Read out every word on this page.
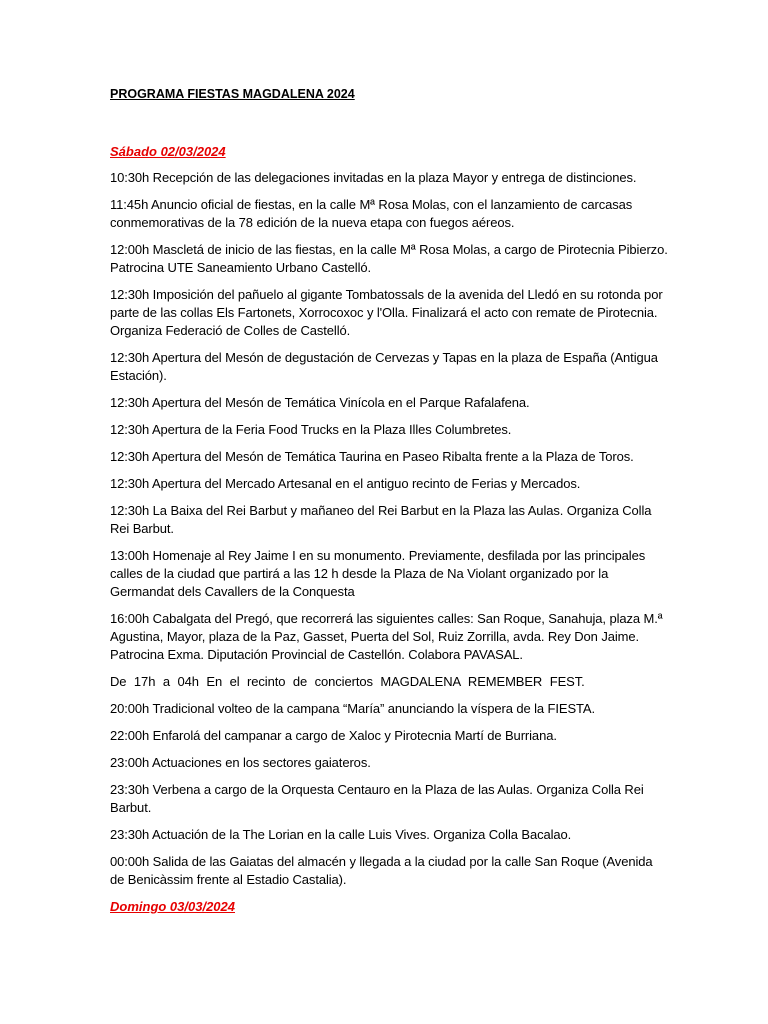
PROGRAMA FIESTAS MAGDALENA 2024
Sábado 02/03/2024
10:30h Recepción de las delegaciones invitadas en la plaza Mayor y entrega de distinciones.
11:45h Anuncio oficial de fiestas, en la calle Mª Rosa Molas, con el lanzamiento de carcasas conmemorativas de la 78 edición de la nueva etapa con fuegos aéreos.
12:00h Mascletá de inicio de las fiestas, en la calle Mª Rosa Molas, a cargo de Pirotecnia Pibierzo. Patrocina UTE Saneamiento Urbano Castelló.
12:30h Imposición del pañuelo al gigante Tombatossals de la avenida del Lledó en su rotonda por parte de las collas Els Fartonets, Xorrocoxoc y l'Olla. Finalizará el acto con remate de Pirotecnia. Organiza Federació de Colles de Castelló.
12:30h Apertura del Mesón de degustación de Cervezas y Tapas en la plaza de España (Antigua Estación).
12:30h Apertura del Mesón de Temática Vinícola en el Parque Rafalafena.
12:30h Apertura de la Feria Food Trucks en la Plaza Illes Columbretes.
12:30h Apertura del Mesón de Temática Taurina en Paseo Ribalta frente a la Plaza de Toros.
12:30h Apertura del Mercado Artesanal en el antiguo recinto de Ferias y Mercados.
12:30h La Baixa del Rei Barbut y mañaneo del Rei Barbut en la Plaza las Aulas. Organiza Colla Rei Barbut.
13:00h Homenaje al Rey Jaime I en su monumento. Previamente, desfilada por las principales calles de la ciudad que partirá a las 12 h desde la Plaza de Na Violant organizado por la Germandat dels Cavallers de la Conquesta
16:00h Cabalgata del Pregó, que recorrerá las siguientes calles: San Roque, Sanahuja, plaza M.ª Agustina, Mayor, plaza de la Paz, Gasset, Puerta del Sol, Ruiz Zorrilla, avda. Rey Don Jaime. Patrocina Exma. Diputación Provincial de Castellón. Colabora PAVASAL.
De 17h a 04h En el recinto de conciertos MAGDALENA REMEMBER FEST.
20:00h Tradicional volteo de la campana “María” anunciando la víspera de la FIESTA.
22:00h Enfarolá del campanar a cargo de Xaloc y Pirotecnia Martí de Burriana.
23:00h Actuaciones en los sectores gaiateros.
23:30h Verbena a cargo de la Orquesta Centauro en la Plaza de las Aulas. Organiza Colla Rei Barbut.
23:30h Actuación de la The Lorian en la calle Luis Vives. Organiza Colla Bacalao.
00:00h Salida de las Gaiatas del almacén y llegada a la ciudad por la calle San Roque (Avenida de Benicàssim frente al Estadio Castalia).
Domingo 03/03/2024
